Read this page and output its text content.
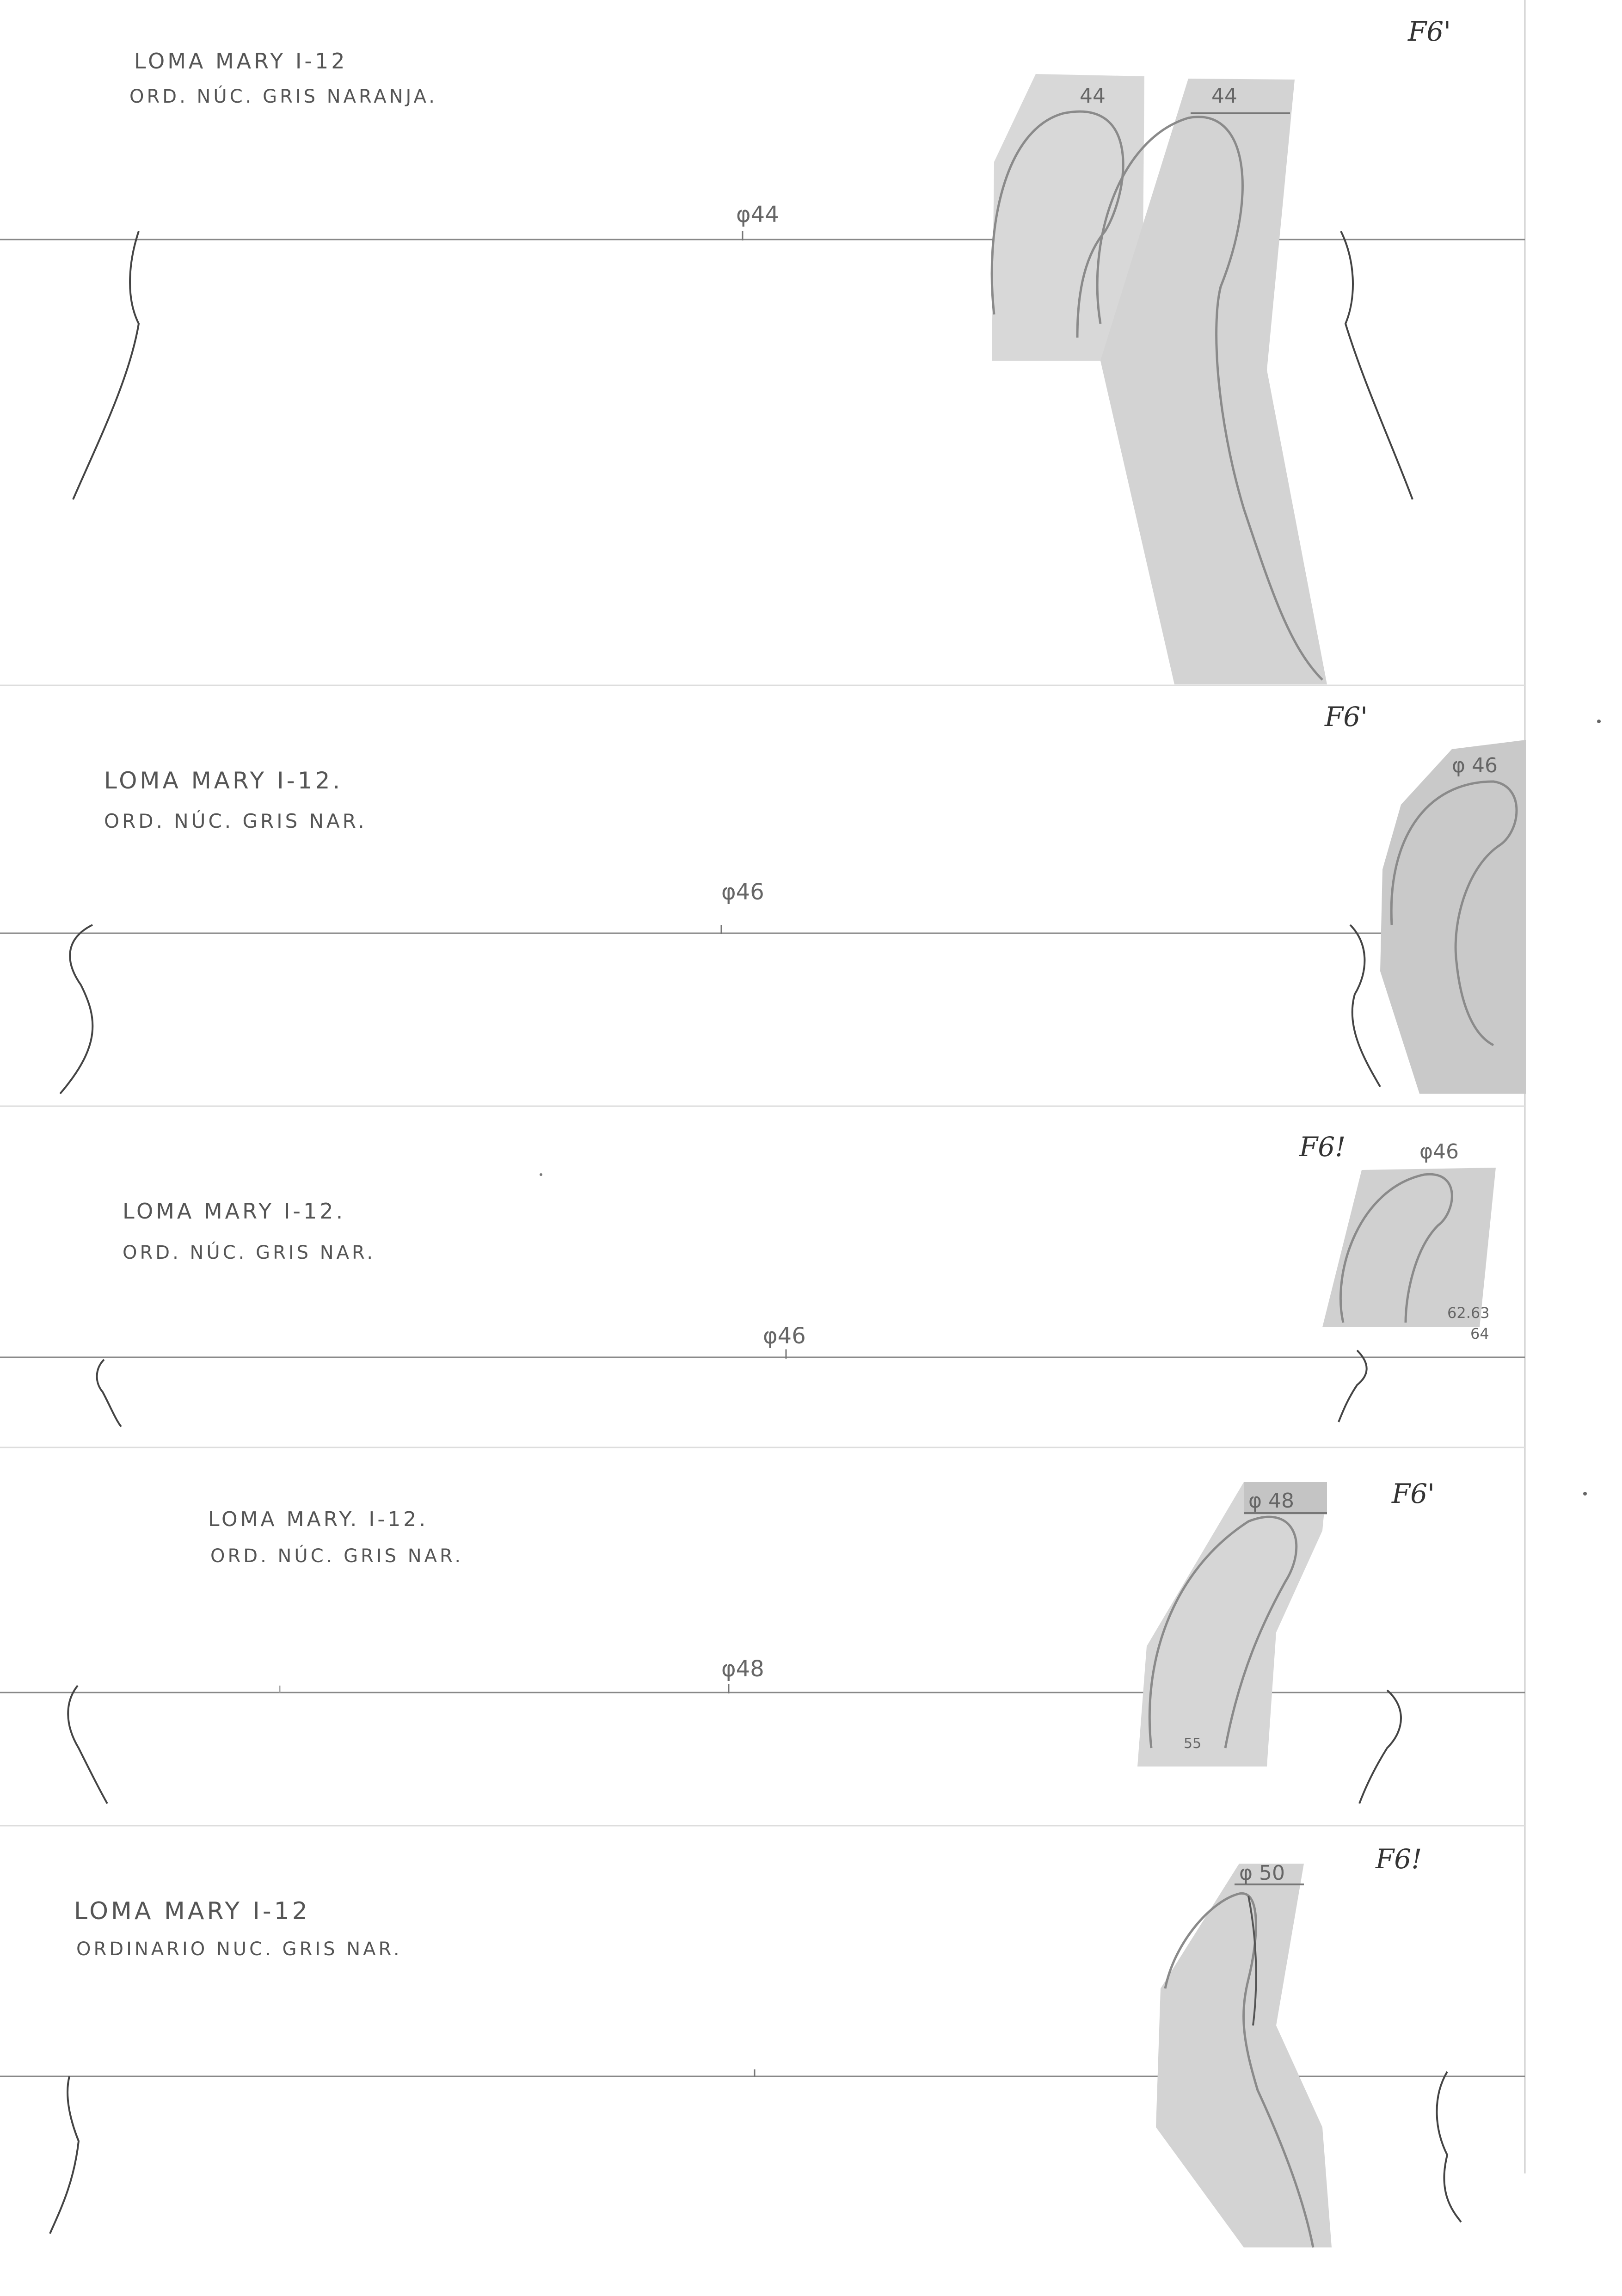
LOMA MARY I-12
ORD. NÚC. GRIS NARANJA.
F6'
φ44
44	44
LOMA MARY I-12.
ORD. NÚC. GRIS NAR.
F6'
φ46
φ 46
LOMA MARY I-12.
ORD. NÚC. GRIS NAR.
F6!
φ46
φ46
62.63
64
LOMA MARY. I-12.
ORD. NÚC. GRIS NAR.
F6'
φ48
φ 48
55
LOMA MARY I-12
ORDINARIO NUC. GRIS NAR.
F6!
φ 50
